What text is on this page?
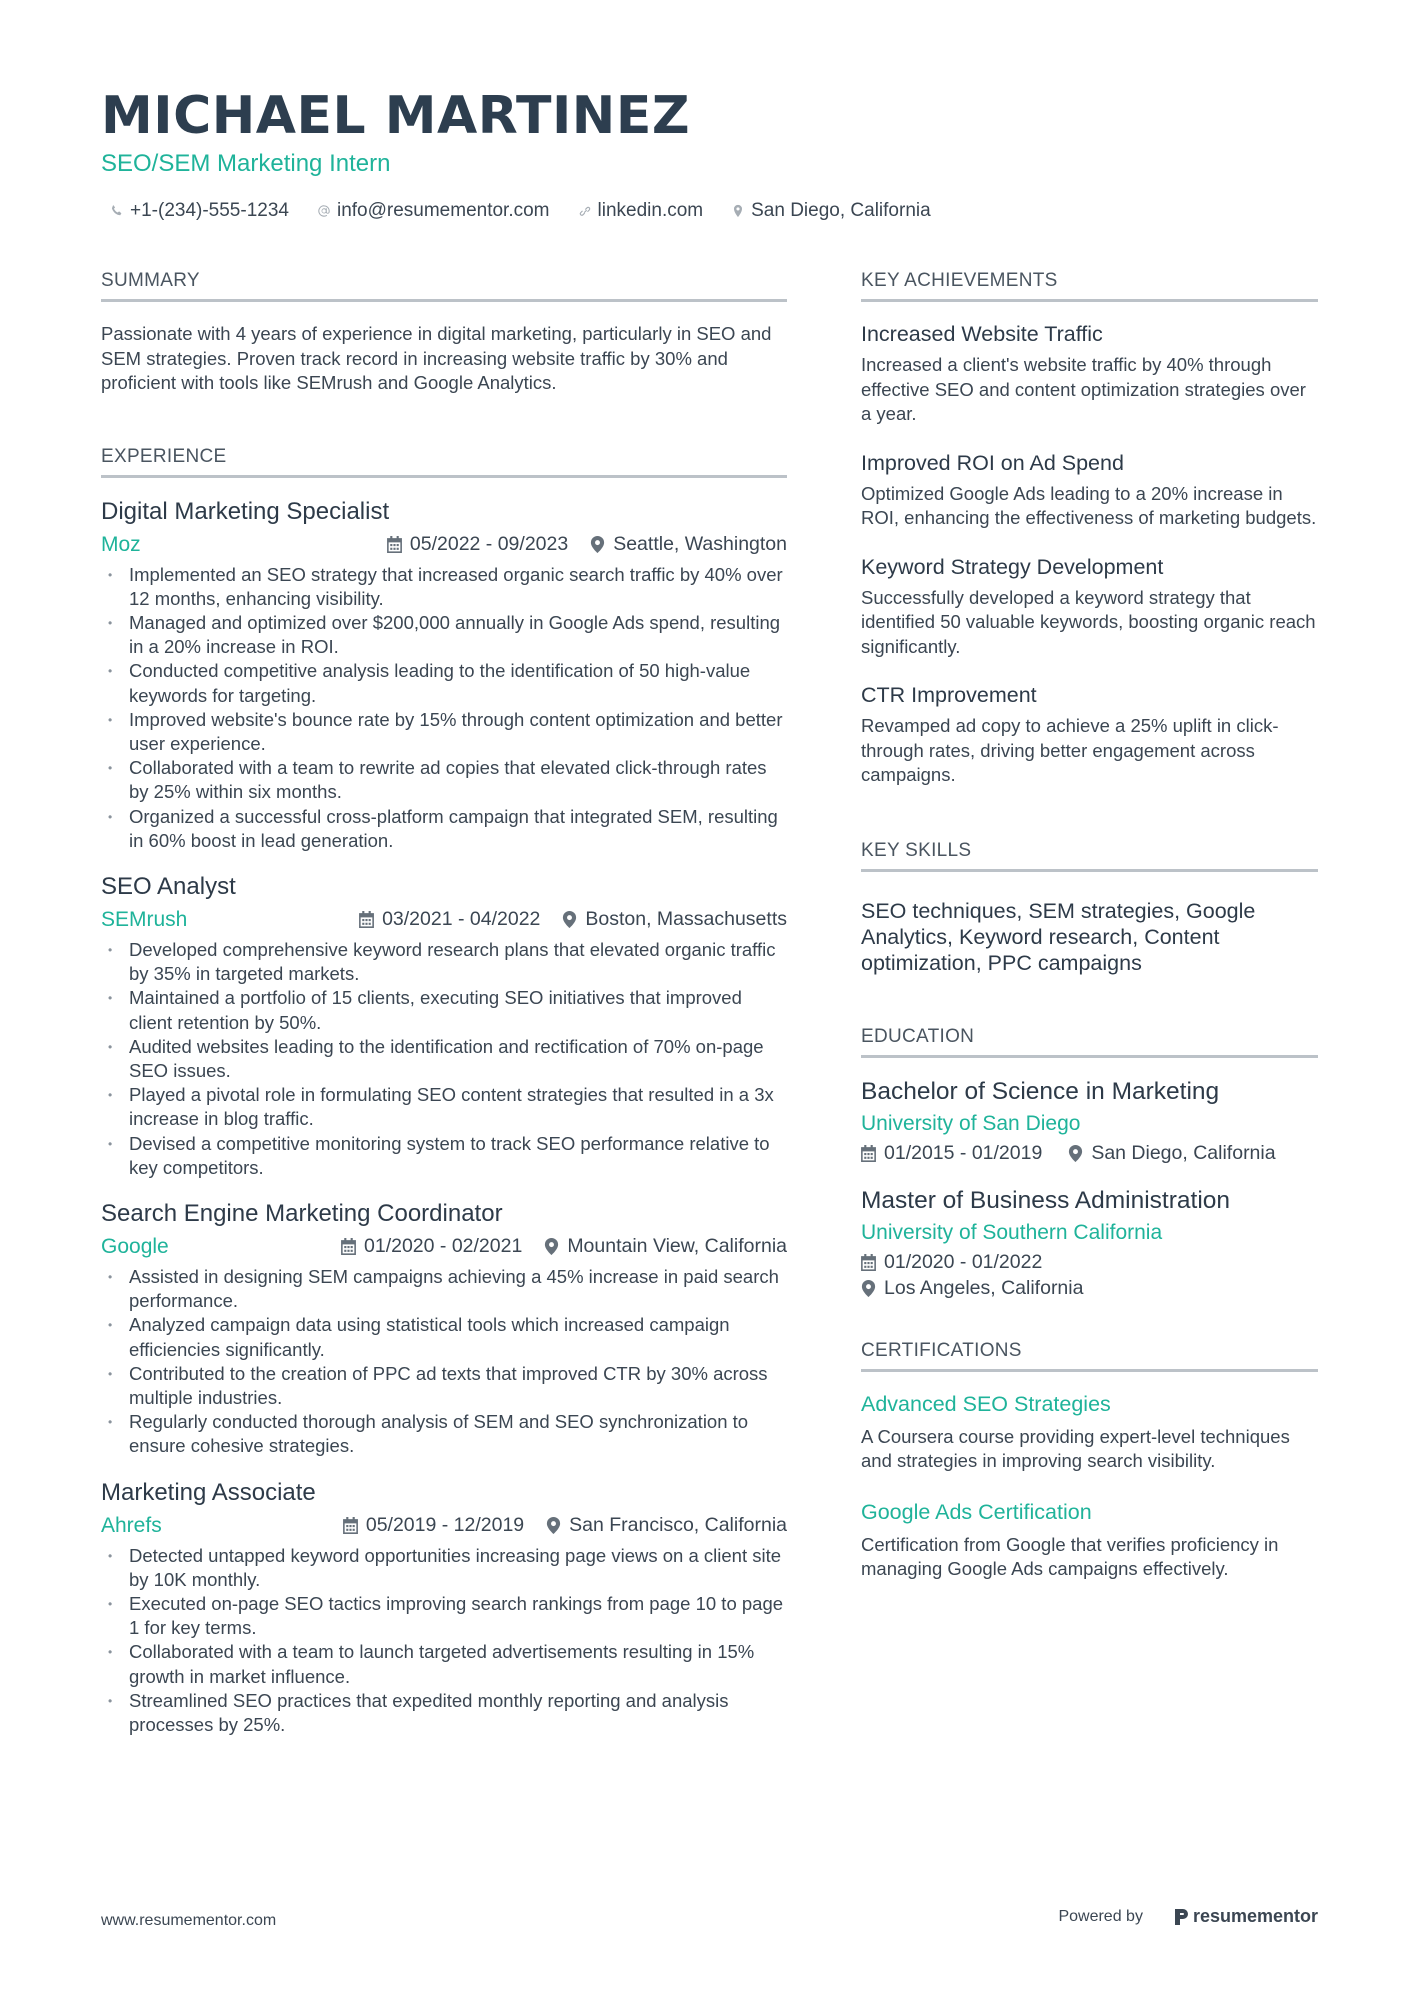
MICHAEL MARTINEZ
SEO/SEM Marketing Intern
+1-(234)-555-1234	info@resumementor.com	linkedin.com	San Diego, California
SUMMARY

Passionate with 4 years of experience in digital marketing, particularly in SEO and SEM strategies. Proven track record in increasing website traffic by 30% and proficient with tools like SEMrush and Google Analytics.

EXPERIENCE
Digital Marketing Specialist
Moz	05/2022 - 09/2023 Seattle, Washington
• Implemented an SEO strategy that increased organic search traffic by 40% over 12 months, enhancing visibility.
• Managed and optimized over $200,000 annually in Google Ads spend, resulting in a 20% increase in ROI.
• Conducted competitive analysis leading to the identification of 50 high-value keywords for targeting.
• Improved website's bounce rate by 15% through content optimization and better user experience.
• Collaborated with a team to rewrite ad copies that elevated click-through rates by 25% within six months.
• Organized a successful cross-platform campaign that integrated SEM, resulting in 60% boost in lead generation.
SEO Analyst
SEMrush	03/2021 - 04/2022 Boston, Massachusetts
• Developed comprehensive keyword research plans that elevated organic traffic by 35% in targeted markets.
• Maintained a portfolio of 15 clients, executing SEO initiatives that improved client retention by 50%.
• Audited websites leading to the identification and rectification of 70% on-page SEO issues.
• Played a pivotal role in formulating SEO content strategies that resulted in a 3x increase in blog traffic.
• Devised a competitive monitoring system to track SEO performance relative to key competitors.
Search Engine Marketing Coordinator
Google	01/2020 - 02/2021 Mountain View, California
• Assisted in designing SEM campaigns achieving a 45% increase in paid search performance.
• Analyzed campaign data using statistical tools which increased campaign efficiencies significantly.
• Contributed to the creation of PPC ad texts that improved CTR by 30% across multiple industries.
• Regularly conducted thorough analysis of SEM and SEO synchronization to ensure cohesive strategies.
Marketing Associate
Ahrefs	05/2019 - 12/2019 San Francisco, California
• Detected untapped keyword opportunities increasing page views on a client site by 10K monthly.
• Executed on-page SEO tactics improving search rankings from page 10 to page 1 for key terms.
• Collaborated with a team to launch targeted advertisements resulting in 15% growth in market influence.
• Streamlined SEO practices that expedited monthly reporting and analysis processes by 25%.
KEY ACHIEVEMENTS
Increased Website Traffic
Increased a client's website traffic by 40% through effective SEO and content optimization strategies over a year.
Improved ROI on Ad Spend
Optimized Google Ads leading to a 20% increase in ROI, enhancing the effectiveness of marketing budgets.
Keyword Strategy Development
Successfully developed a keyword strategy that identified 50 valuable keywords, boosting organic reach significantly.
CTR Improvement
Revamped ad copy to achieve a 25% uplift in click-through rates, driving better engagement across campaigns.
KEY SKILLS
SEO techniques, SEM strategies, Google Analytics, Keyword research, Content optimization, PPC campaigns
EDUCATION
Bachelor of Science in Marketing
University of San Diego
01/2015 - 01/2019	San Diego, California
Master of Business Administration
University of Southern California
01/2020 - 01/2022
Los Angeles, California
CERTIFICATIONS
Advanced SEO Strategies
A Coursera course providing expert-level techniques and strategies in improving search visibility.
Google Ads Certification
Certification from Google that verifies proficiency in managing Google Ads campaigns effectively.
www.resumementor.com	Powered by	resumementor
